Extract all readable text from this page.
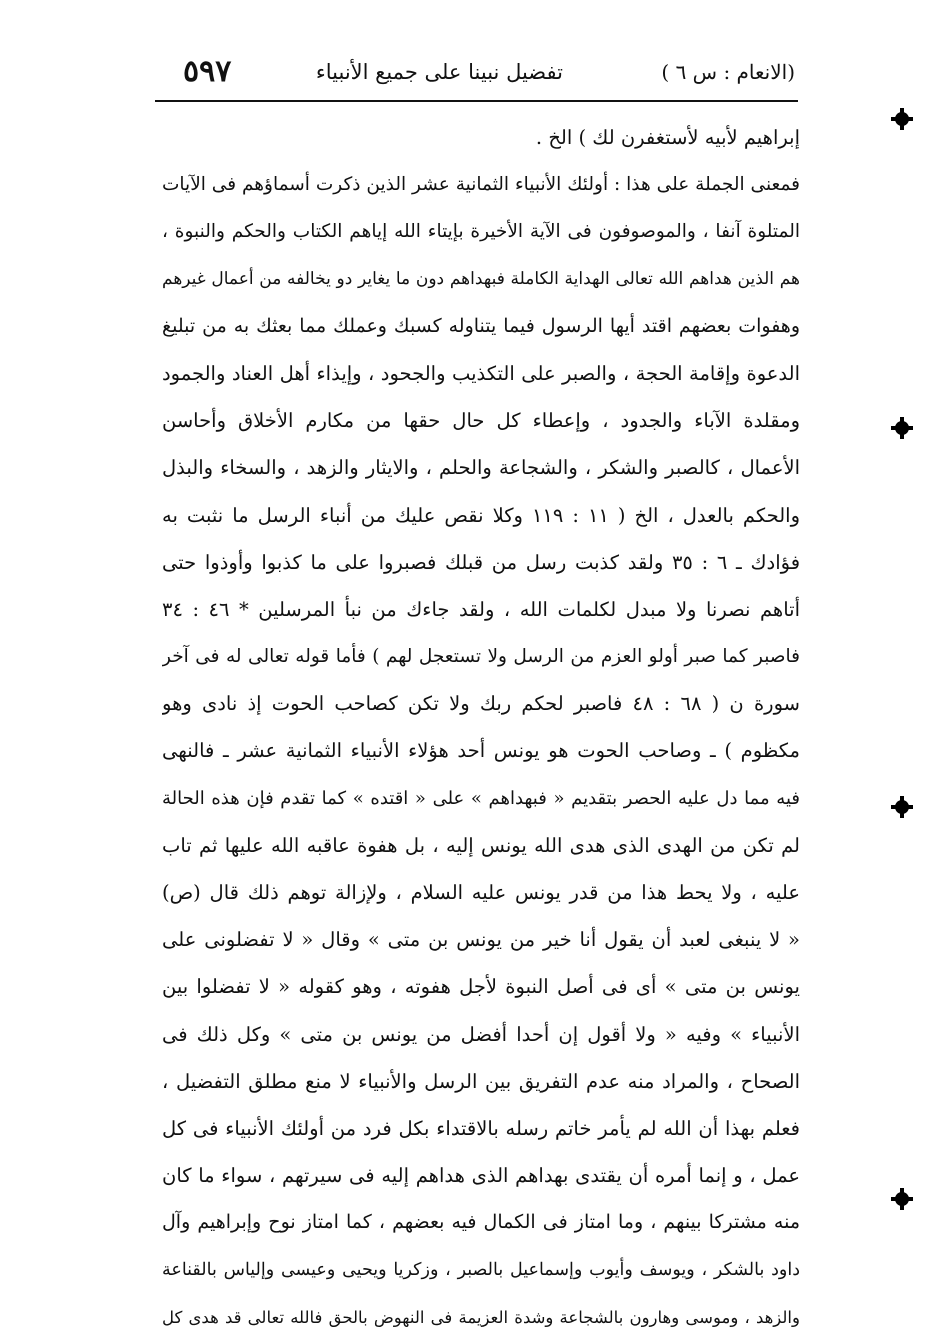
(الانعام : س ٦ )
تفضيل نبينا على جميع الأنبياء
٥٩٧
إبراهيم لأبيه لأستغفرن لك ) الخ .
فمعنى الجملة على هذا : أولئك الأنبياء الثمانية عشر الذين ذكرت أسماؤهم فى الآيات
المتلوة آنفا ، والموصوفون فى الآية الأخيرة بإيتاء الله إياهم الكتاب والحكم والنبوة ،
هم الذين هداهم الله تعالى الهداية الكاملة فبهداهم دون ما يغاير دو يخالفه من أعمال غيرهم
وهفوات بعضهم اقتد أيها الرسول فيما يتناوله كسبك وعملك مما بعثك به من تبليغ
الدعوة وإقامة الحجة ، والصبر على التكذيب والجحود ، وإيذاء أهل العناد والجمود
ومقلدة الآباء والجدود ، وإعطاء كل حال حقها من مكارم الأخلاق وأحاسن
الأعمال ، كالصبر والشكر ، والشجاعة والحلم ، والايثار والزهد ، والسخاء والبذل
والحكم بالعدل ، الخ ( ١١ : ١١٩ وكلا نقص عليك من أنباء الرسل ما نثبت به
فؤادك ـ ٦ : ٣٥ ولقد كذبت رسل من قبلك فصبروا على ما كذبوا وأوذوا حتى
أتاهم نصرنا ولا مبدل لكلمات الله ، ولقد جاءك من نبأ المرسلين * ٤٦ : ٣٤
فاصبر كما صبر أولو العزم من الرسل ولا تستعجل لهم ) فأما قوله تعالى له فى آخر
سورة ن ( ٦٨ : ٤٨ فاصبر لحكم ربك ولا تكن كصاحب الحوت إذ نادى وهو
مكظوم ) ـ وصاحب الحوت هو يونس أحد هؤلاء الأنبياء الثمانية عشر ـ فالنهى
فيه مما دل عليه الحصر بتقديم « فبهداهم » على « اقتده » كما تقدم فإن هذه الحالة
لم تكن من الهدى الذى هدى الله يونس إليه ، بل هفوة عاقبه الله عليها ثم تاب
عليه ، ولا يحط هذا من قدر يونس عليه السلام ، ولإزالة توهم ذلك قال (ص)
« لا ينبغى لعبد أن يقول أنا خير من يونس بن متى » وقال « لا تفضلونى على
يونس بن متى » أى فى أصل النبوة لأجل هفوته ، وهو كقوله « لا تفضلوا بين
الأنبياء » وفيه « ولا أقول إن أحدا أفضل من يونس بن متى » وكل ذلك فى
الصحاح ، والمراد منه عدم التفريق بين الرسل والأنبياء لا منع مطلق التفضيل ،
فعلم بهذا أن الله لم يأمر خاتم رسله بالاقتداء بكل فرد من أولئك الأنبياء فى كل
عمل ، و إنما أمره أن يقتدى بهداهم الذى هداهم إليه فى سيرتهم ، سواء ما كان
منه مشتركا بينهم ، وما امتاز فى الكمال فيه بعضهم ، كما امتاز نوح وإبراهيم وآل
داود بالشكر ، ويوسف وأيوب وإسماعيل بالصبر ، وزكريا ويحيى وعيسى وإلياس بالقناعة
والزهد ، وموسى وهارون بالشجاعة وشدة العزيمة فى النهوض بالحق فالله تعالى قد هدى كل
